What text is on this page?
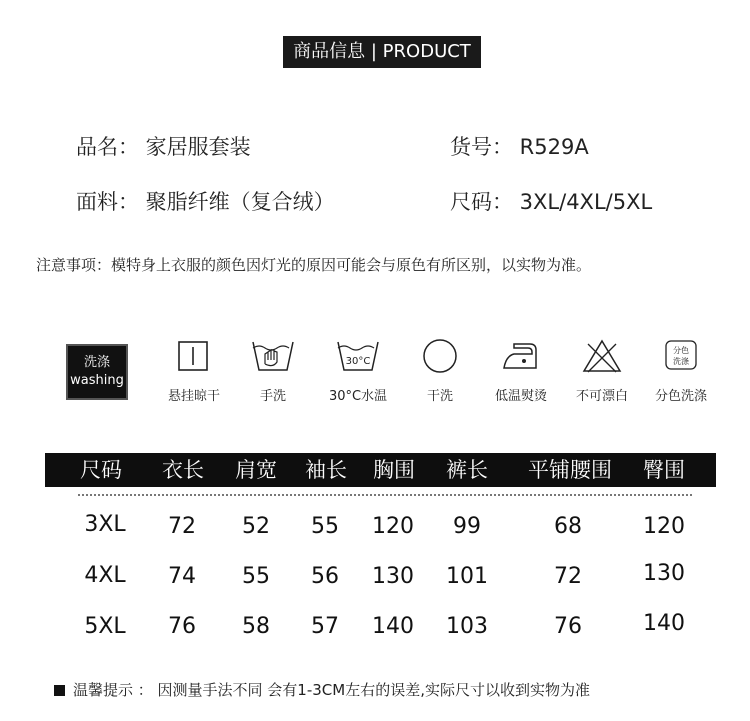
商品信息 | PRODUCT
品名： 家居服套装	货号： R529A
面料： 聚脂纤维（复合绒）	尺码： 3XL/4XL/5XL
注意事项：模特身上衣服的颜色因灯光的原因可能会与原色有所区别，以实物为准。
洗涤
washing
30°C
分色
洗涤
悬挂晾干	手洗	30°C水温	干洗	低温熨烫	不可漂白	分色洗涤
尺码	衣长	肩宽	袖长	胸围	裤长	平铺腰围	臀围
3XL	72	52	55	120	99	68	120
4XL	74	55	56	130	101	72	130
5XL	76	58	57	140	103	76	140
温馨提示 ： 因测量手法不同 会有1-3CM左右的误差,实际尺寸以收到实物为准
